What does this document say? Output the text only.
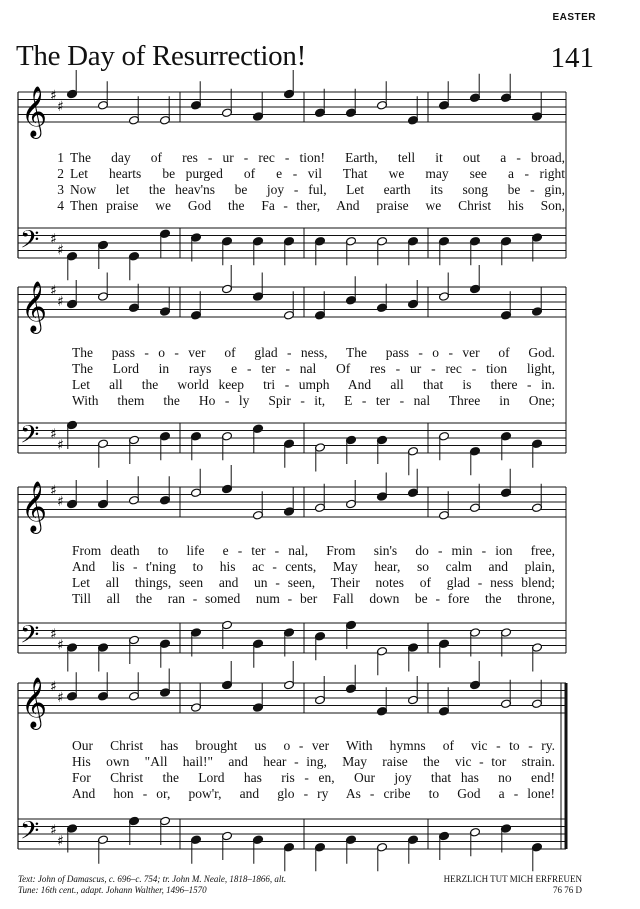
EASTER
The Day of Resurrection!	141
𝄞
𝄢
♯
♯
♯
♯
𝄞
𝄢
♯
♯
♯
♯
𝄞
𝄢
♯
♯
♯
♯
𝄞
𝄢
♯
♯
♯
♯
1 The  day  of  res - ur - rec - tion!  Earth,  tell  it  out  a - broad,
2 Let  hearts  be purged  of  e - vil  That  we  may  see  a - right
3 Now  let  the heav'ns  be  joy - ful,  Let  earth  its  song  be - gin,
4 Then praise  we  God  the  Fa - ther,  And  praise  we  Christ  his  Son,
The  pass - o - ver  of  glad - ness,  The  pass - o - ver  of  God.
The  Lord  in  rays  e - ter - nal  Of  res - ur - rec - tion  light,
Let  all  the  world keep  tri - umph  And  all  that  is  there - in.
With  them  the  Ho - ly  Spir - it,  E - ter - nal  Three  in  One;
From death  to  life  e - ter - nal,  From  sin's  do - min - ion  free,
And  lis - t'ning  to  his  ac - cents,  May  hear,  so  calm  and  plain,
Let  all  things, seen  and  un - seen,  Their  notes  of  glad - ness blend;
Till  all  the  ran - somed  num - ber  Fall  down  be - fore  the  throne,
Our  Christ  has  brought  us  o - ver  With  hymns  of  vic - to - ry.
His  own  "All  hail!"  and  hear - ing,  May  raise  the  vic - tor  strain.
For  Christ  the  Lord  has  ris - en,  Our  joy  that has  no  end!
And  hon - or,  pow'r,  and  glo - ry  As - cribe  to  God  a - lone!
Text: John of Damascus, c. 696–c. 754; tr. John M. Neale, 1818–1866, alt.
Tune: 16th cent., adapt. Johann Walther, 1496–1570
HERZLICH TUT MICH ERFREUEN
76 76 D
